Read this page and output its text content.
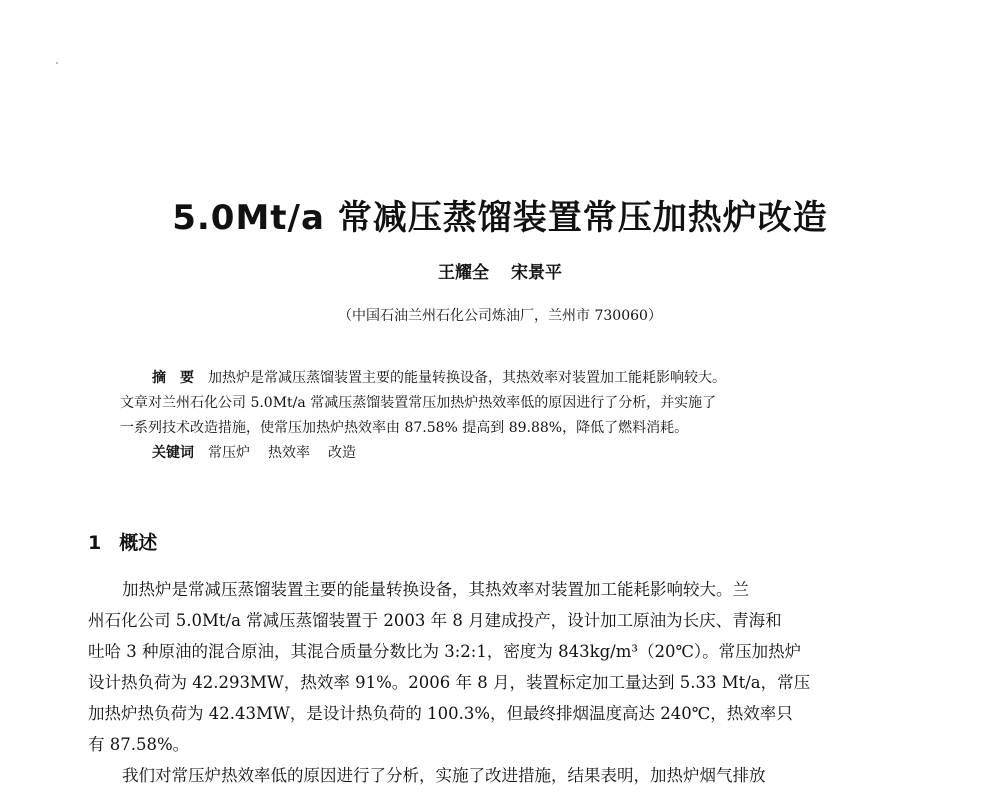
5.0Mt/a 常减压蒸馏装置常压加热炉改造
王耀全 宋景平
（中国石油兰州石化公司炼油厂，兰州市 730060）
摘　要 加热炉是常减压蒸馏装置主要的能量转换设备，其热效率对装置加工能耗影响较大。
文章对兰州石化公司 5.0Mt/a 常减压蒸馏装置常压加热炉热效率低的原因进行了分析，并实施了
一系列技术改造措施，使常压加热炉热效率由 87.58% 提高到 89.88%，降低了燃料消耗。
关键词 常压炉 热效率 改造
1 概述
加热炉是常减压蒸馏装置主要的能量转换设备，其热效率对装置加工能耗影响较大。兰
州石化公司 5.0Mt/a 常减压蒸馏装置于 2003 年 8 月建成投产，设计加工原油为长庆、青海和
吐哈 3 种原油的混合原油，其混合质量分数比为 3:2:1，密度为 843kg/m³（20℃）。常压加热炉
设计热负荷为 42.293MW，热效率 91%。2006 年 8 月，装置标定加工量达到 5.33 Mt/a，常压
加热炉热负荷为 42.43MW，是设计热负荷的 100.3%，但最终排烟温度高达 240℃，热效率只
有 87.58%。
我们对常压炉热效率低的原因进行了分析，实施了改进措施，结果表明，加热炉烟气排放
